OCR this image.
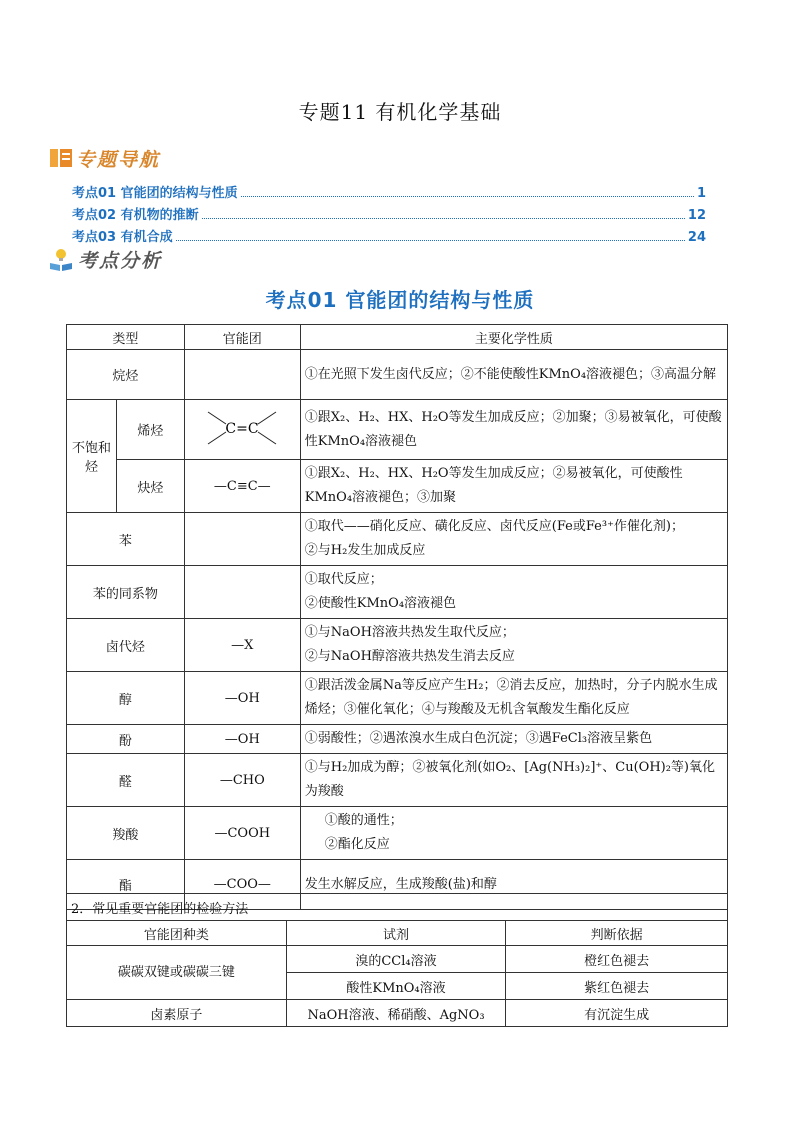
专题11 有机化学基础
专题导航
考点01 官能团的结构与性质	1
考点02 有机物的推断	12
考点03 有机合成	24
考点分析
考点01 官能团的结构与性质
类型		官能团	主要化学性质
烷烃			①在光照下发生卤代反应；②不能使酸性KMnO₄溶液褪色；③高温分解
不饱和烃	烯烃	C=C	①跟X₂、H₂、HX、H₂O等发生加成反应；②加聚；③易被氧化，可使酸性KMnO₄溶液褪色
	炔烃	—C≡C—	①跟X₂、H₂、HX、H₂O等发生加成反应；②易被氧化，可使酸性KMnO₄溶液褪色；③加聚
苯			①取代——硝化反应、磺化反应、卤代反应(Fe或Fe³⁺作催化剂)；
②与H₂发生加成反应

苯的同系物			①取代反应；
②使酸性KMnO₄溶液褪色

卤代烃		—X	①与NaOH溶液共热发生取代反应；
②与NaOH醇溶液共热发生消去反应

醇		—OH	①跟活泼金属Na等反应产生H₂；②消去反应，加热时，分子内脱水生成烯烃；③催化氧化；④与羧酸及无机含氧酸发生酯化反应
酚		—OH	①弱酸性；②遇浓溴水生成白色沉淀；③遇FeCl₃溶液呈紫色
醛		—CHO	①与H₂加成为醇；②被氧化剂(如O₂、[Ag(NH₃)₂]⁺、Cu(OH)₂等)氧化为羧酸
羧酸		—COOH	①酸的通性；
②酯化反应

酯		—COO—	发生水解反应，生成羧酸(盐)和醇
2．常见重要官能团的检验方法		
官能团种类	试剂	判断依据
碳碳双键或碳碳三键	溴的CCl₄溶液	橙红色褪去
	酸性KMnO₄溶液	紫红色褪去
卤素原子	NaOH溶液、稀硝酸、AgNO₃	有沉淀生成
